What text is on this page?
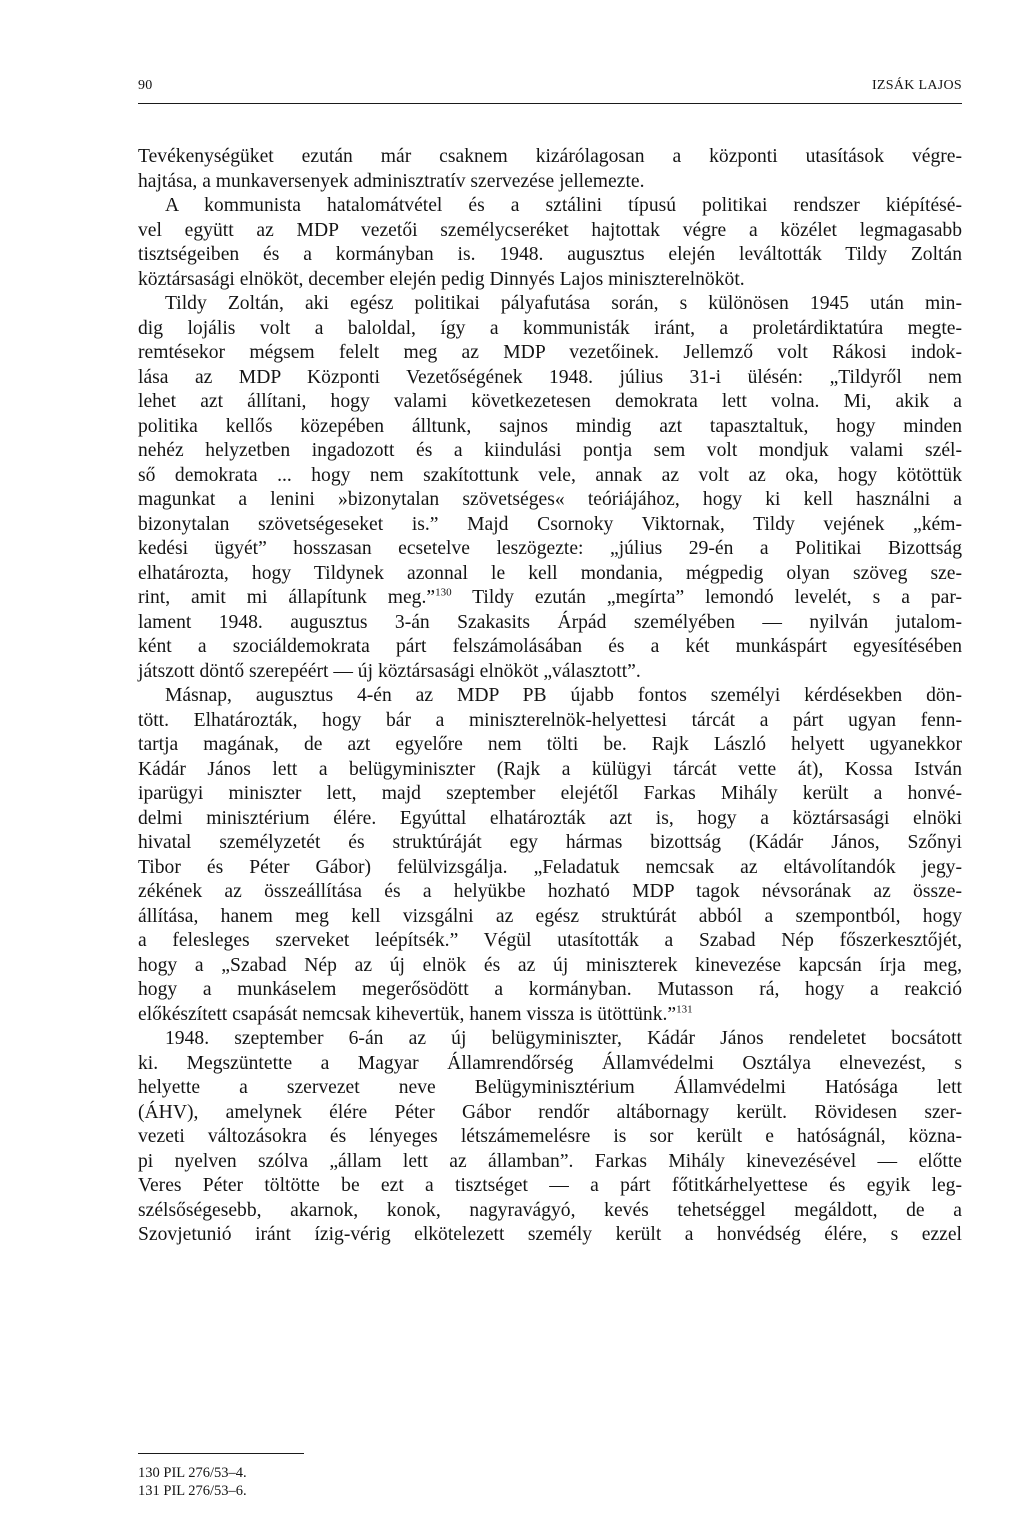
90	IZSÁK LAJOS
Tevékenységüket ezután már csaknem kizárólagosan a központi utasítások végre-
hajtása, a munkaversenyek adminisztratív szervezése jellemezte.
A kommunista hatalomátvétel és a sztálini típusú politikai rendszer kiépítésé-
vel együtt az MDP vezetői személycseréket hajtottak végre a közélet legmagasabb
tisztségeiben és a kormányban is. 1948. augusztus elején leváltották Tildy Zoltán
köztársasági elnököt, december elején pedig Dinnyés Lajos miniszterelnököt.
Tildy Zoltán, aki egész politikai pályafutása során, s különösen 1945 után min-
dig lojális volt a baloldal, így a kommunisták iránt, a proletárdiktatúra megte-
remtésekor mégsem felelt meg az MDP vezetőinek. Jellemző volt Rákosi indok-
lása az MDP Központi Vezetőségének 1948. július 31-i ülésén: „Tildyről nem
lehet azt állítani, hogy valami következetesen demokrata lett volna. Mi, akik a
politika kellős közepében álltunk, sajnos mindig azt tapasztaltuk, hogy minden
nehéz helyzetben ingadozott és a kiindulási pontja sem volt mondjuk valami szél-
ső demokrata ... hogy nem szakítottunk vele, annak az volt az oka, hogy kötöttük
magunkat a lenini »bizonytalan szövetséges« teóriájához, hogy ki kell használni a
bizonytalan szövetségeseket is.” Majd Csornoky Viktornak, Tildy vejének „kém-
kedési ügyét” hosszasan ecsetelve leszögezte: „július 29-én a Politikai Bizottság
elhatározta, hogy Tildynek azonnal le kell mondania, mégpedig olyan szöveg sze-
rint, amit mi állapítunk meg.”$^{130}$ Tildy ezután „megírta” lemondó levelét, s a par-
lament 1948. augusztus 3-án Szakasits Árpád személyében — nyilván jutalom-
ként a szociáldemokrata párt felszámolásában és a két munkáspárt egyesítésében
játszott döntő szerepéért — új köztársasági elnököt „választott”.
Másnap, augusztus 4-én az MDP PB újabb fontos személyi kérdésekben dön-
tött. Elhatározták, hogy bár a miniszterelnök-helyettesi tárcát a párt ugyan fenn-
tartja magának, de azt egyelőre nem tölti be. Rajk László helyett ugyanekkor
Kádár János lett a belügyminiszter (Rajk a külügyi tárcát vette át), Kossa István
iparügyi miniszter lett, majd szeptember elejétől Farkas Mihály került a honvé-
delmi minisztérium élére. Egyúttal elhatározták azt is, hogy a köztársasági elnöki
hivatal személyzetét és struktúráját egy hármas bizottság (Kádár János, Szőnyi
Tibor és Péter Gábor) felülvizsgálja. „Feladatuk nemcsak az eltávolítandók jegy-
zékének az összeállítása és a helyükbe hozható MDP tagok névsorának az össze-
állítása, hanem meg kell vizsgálni az egész struktúrát abból a szempontból, hogy
a felesleges szerveket leépítsék.” Végül utasították a Szabad Nép főszerkesztőjét,
hogy a „Szabad Nép az új elnök és az új miniszterek kinevezése kapcsán írja meg,
hogy a munkáselem megerősödött a kormányban. Mutasson rá, hogy a reakció
előkészített csapását nemcsak kihevertük, hanem vissza is ütöttünk.”$^{131}$
1948. szeptember 6-án az új belügyminiszter, Kádár János rendeletet bocsátott
ki. Megszüntette a Magyar Államrendőrség Államvédelmi Osztálya elnevezést, s
helyette a szervezet neve Belügyminisztérium Államvédelmi Hatósága lett
(ÁHV), amelynek élére Péter Gábor rendőr altábornagy került. Rövidesen szer-
vezeti változásokra és lényeges létszámemelésre is sor került e hatóságnál, közna-
pi nyelven szólva „állam lett az államban”. Farkas Mihály kinevezésével — előtte
Veres Péter töltötte be ezt a tisztséget — a párt főtitkárhelyettese és egyik leg-
szélsőségesebb, akarnok, konok, nagyravágyó, kevés tehetséggel megáldott, de a
Szovjetunió iránt ízig-vérig elkötelezett személy került a honvédség élére, s ezzel
130 PIL 276/53–4.
131 PIL 276/53–6.
